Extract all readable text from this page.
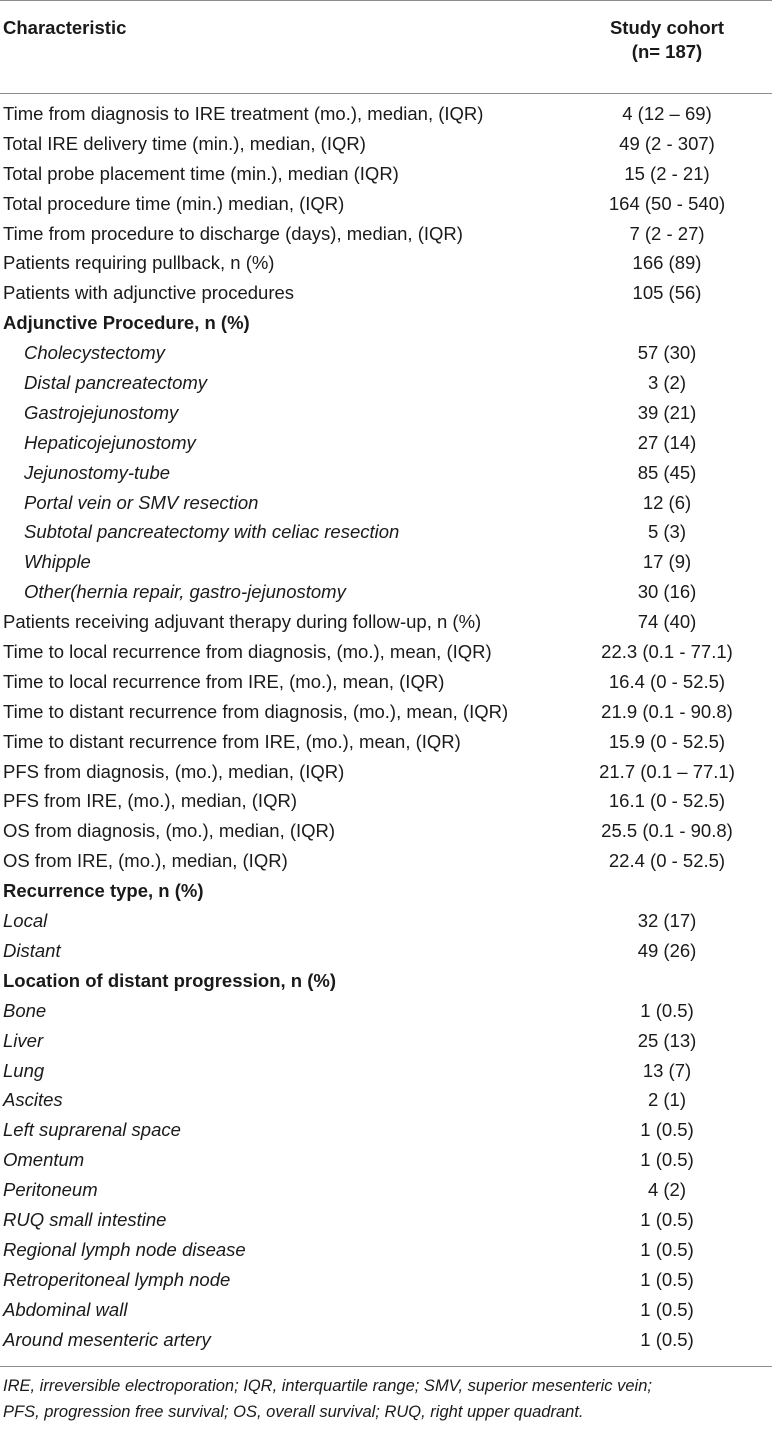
Characteristic	Study cohort
(n= 187)
Time from diagnosis to IRE treatment (mo.), median, (IQR)	4 (12 – 69)
Total IRE delivery time (min.), median, (IQR)	49 (2 - 307)
Total probe placement time (min.), median (IQR)	15 (2 - 21)
Total procedure time (min.) median, (IQR)	164 (50 - 540)
Time from procedure to discharge (days), median, (IQR)	7 (2 - 27)
Patients requiring pullback, n (%)	166 (89)
Patients with adjunctive procedures	105 (56)
Adjunctive Procedure, n (%)
Cholecystectomy	57 (30)
Distal pancreatectomy	3 (2)
Gastrojejunostomy	39 (21)
Hepaticojejunostomy	27 (14)
Jejunostomy-tube	85 (45)
Portal vein or SMV resection	12 (6)
Subtotal pancreatectomy with celiac resection	5 (3)
Whipple	17 (9)
Other(hernia repair, gastro-jejunostomy	30 (16)
Patients receiving adjuvant therapy during follow-up, n (%)	74 (40)
Time to local recurrence from diagnosis, (mo.), mean, (IQR)	22.3 (0.1 - 77.1)
Time to local recurrence from IRE, (mo.), mean, (IQR)	16.4 (0 - 52.5)
Time to distant recurrence from diagnosis, (mo.), mean, (IQR)	21.9 (0.1 - 90.8)
Time to distant recurrence from IRE, (mo.), mean, (IQR)	15.9 (0 - 52.5)
PFS from diagnosis, (mo.), median, (IQR)	21.7 (0.1 – 77.1)
PFS from IRE, (mo.), median, (IQR)	16.1 (0 - 52.5)
OS from diagnosis, (mo.), median, (IQR)	25.5 (0.1 - 90.8)
OS from IRE, (mo.), median, (IQR)	22.4 (0 - 52.5)
Recurrence type, n (%)
Local	32 (17)
Distant	49 (26)
Location of distant progression, n (%)
Bone	1 (0.5)
Liver	25 (13)
Lung	13 (7)
Ascites	2 (1)
Left suprarenal space	1 (0.5)
Omentum	1 (0.5)
Peritoneum	4 (2)
RUQ small intestine	1 (0.5)
Regional lymph node disease	1 (0.5)
Retroperitoneal lymph node	1 (0.5)
Abdominal wall	1 (0.5)
Around mesenteric artery	1 (0.5)
IRE, irreversible electroporation; IQR, interquartile range; SMV, superior mesenteric vein;
PFS, progression free survival; OS, overall survival; RUQ, right upper quadrant.
